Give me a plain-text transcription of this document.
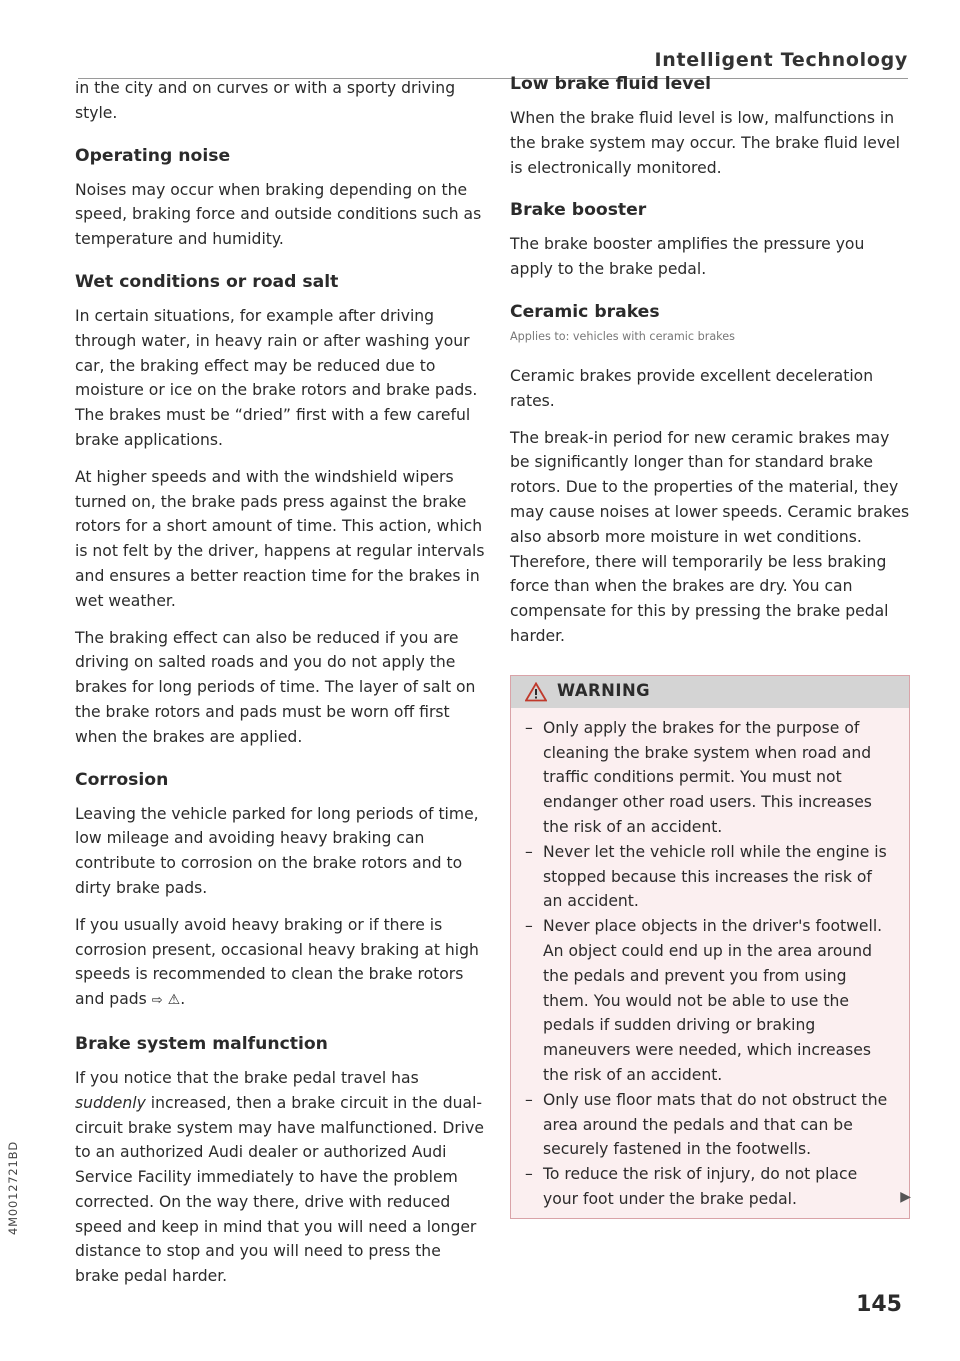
Intelligent Technology

in the city and on curves or with a sporty driving style.

Operating noise

Noises may occur when braking depending on the speed, braking force and outside conditions such as temperature and humidity.

Wet conditions or road salt

In certain situations, for example after driving through water, in heavy rain or after washing your car, the braking effect may be reduced due to moisture or ice on the brake rotors and brake pads. The brakes must be “dried” first with a few careful brake applications.

At higher speeds and with the windshield wipers turned on, the brake pads press against the brake rotors for a short amount of time. This action, which is not felt by the driver, happens at regular intervals and ensures a better reaction time for the brakes in wet weather.

The braking effect can also be reduced if you are driving on salted roads and you do not apply the brakes for long periods of time. The layer of salt on the brake rotors and pads must be worn off first when the brakes are applied.

Corrosion

Leaving the vehicle parked for long periods of time, low mileage and avoiding heavy braking can contribute to corrosion on the brake rotors and to dirty brake pads.

If you usually avoid heavy braking or if there is corrosion present, occasional heavy braking at high speeds is recommended to clean the brake rotors and pads ⇨ ⚠.

Brake system malfunction

If you notice that the brake pedal travel has suddenly increased, then a brake circuit in the dual-circuit brake system may have malfunctioned. Drive to an authorized Audi dealer or authorized Audi Service Facility immediately to have the problem corrected. On the way there, drive with reduced speed and keep in mind that you will need a longer distance to stop and you will need to press the brake pedal harder.

Low brake fluid level

When the brake fluid level is low, malfunctions in the brake system may occur. The brake fluid level is electronically monitored.

Brake booster

The brake booster amplifies the pressure you apply to the brake pedal.

Ceramic brakes
Applies to: vehicles with ceramic brakes

Ceramic brakes provide excellent deceleration rates.

The break-in period for new ceramic brakes may be significantly longer than for standard brake rotors. Due to the properties of the material, they may cause noises at lower speeds. Ceramic brakes also absorb more moisture in wet conditions. Therefore, there will temporarily be less braking force than when the brakes are dry. You can compensate for this by pressing the brake pedal harder.

WARNING
– Only apply the brakes for the purpose of cleaning the brake system when road and traffic conditions permit. You must not endanger other road users. This increases the risk of an accident.
– Never let the vehicle roll while the engine is stopped because this increases the risk of an accident.
– Never place objects in the driver's footwell. An object could end up in the area around the pedals and prevent you from using them. You would not be able to use the pedals if sudden driving or braking maneuvers were needed, which increases the risk of an accident.
– Only use floor mats that do not obstruct the area around the pedals and that can be securely fastened in the footwells.
– To reduce the risk of injury, do not place your foot under the brake pedal.	▶
4M0012721BD
145
